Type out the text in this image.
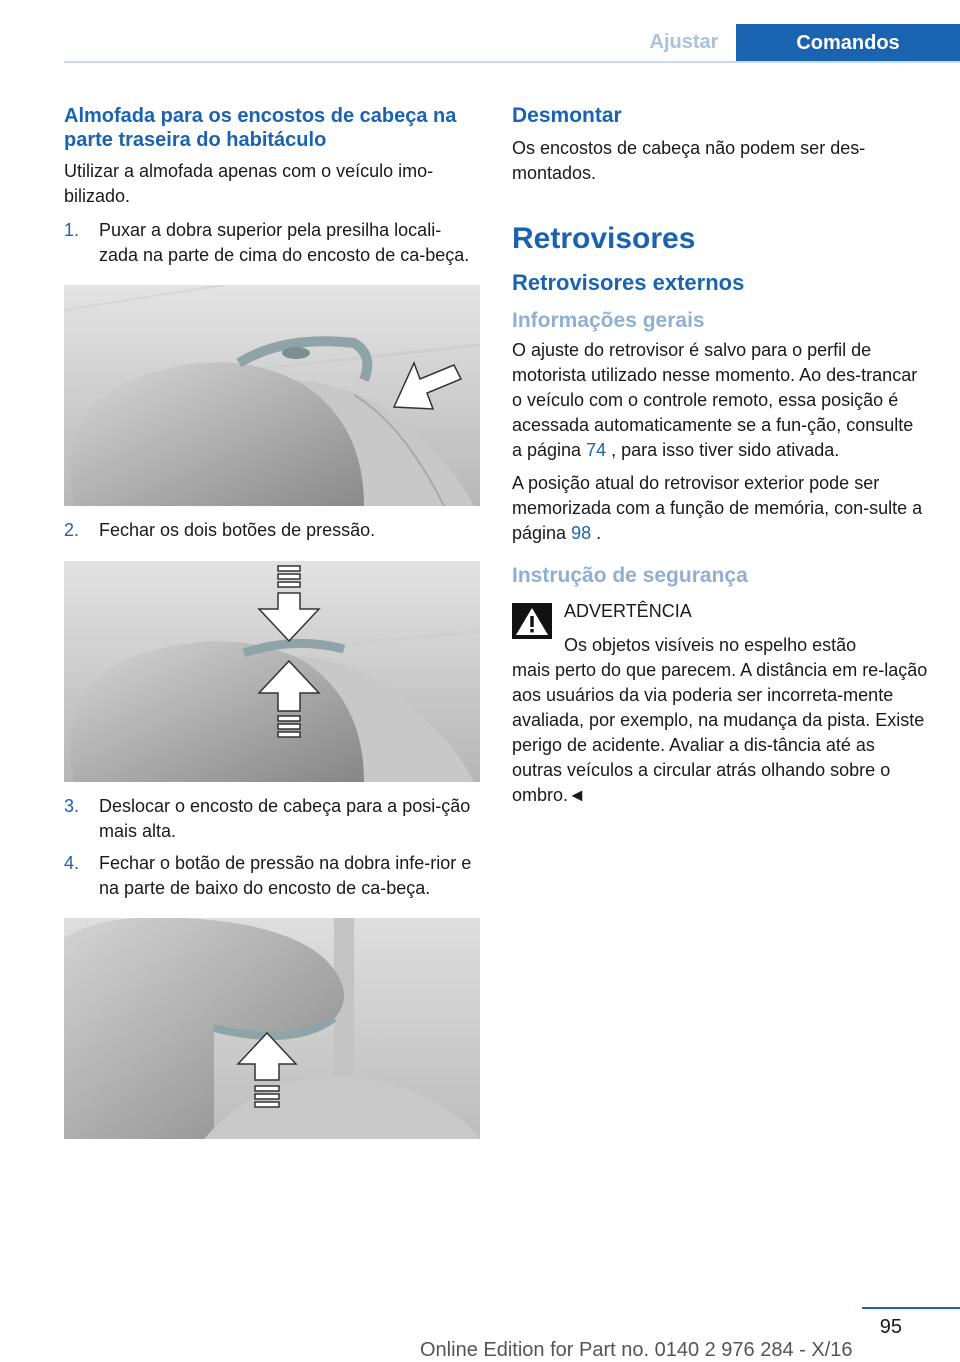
Ajustar	Comandos
Almofada para os encostos de cabeça na parte traseira do habitáculo

Utilizar a almofada apenas com o veículo imo-bilizado.

1. Puxar a dobra superior pela presilha locali-zada na parte de cima do encosto de ca-beça.
2. Fechar os dois botões de pressão.
3. Deslocar o encosto de cabeça para a posi-ção mais alta.
4. Fechar o botão de pressão na dobra infe-rior e na parte de baixo do encosto de ca-beça.
Desmontar

Os encostos de cabeça não podem ser des-montados.

Retrovisores
Retrovisores externos
Informações gerais

O ajuste do retrovisor é salvo para o perfil de motorista utilizado nesse momento. Ao des-trancar o veículo com o controle remoto, essa posição é acessada automaticamente se a fun-ção, consulte a página 74 , para isso tiver sido ativada.

A posição atual do retrovisor exterior pode ser memorizada com a função de memória, con-sulte a página 98 .

Instrução de segurança

ADVERTÊNCIA

Os objetos visíveis no espelho estão

mais perto do que parecem. A distância em re-lação aos usuários da via poderia ser incorreta-mente avaliada, por exemplo, na mudança da pista. Existe perigo de acidente. Avaliar a dis-tância até as outras veículos a circular atrás olhando sobre o ombro.◄

95
Online Edition for Part no. 0140 2 976 284 - X/16
